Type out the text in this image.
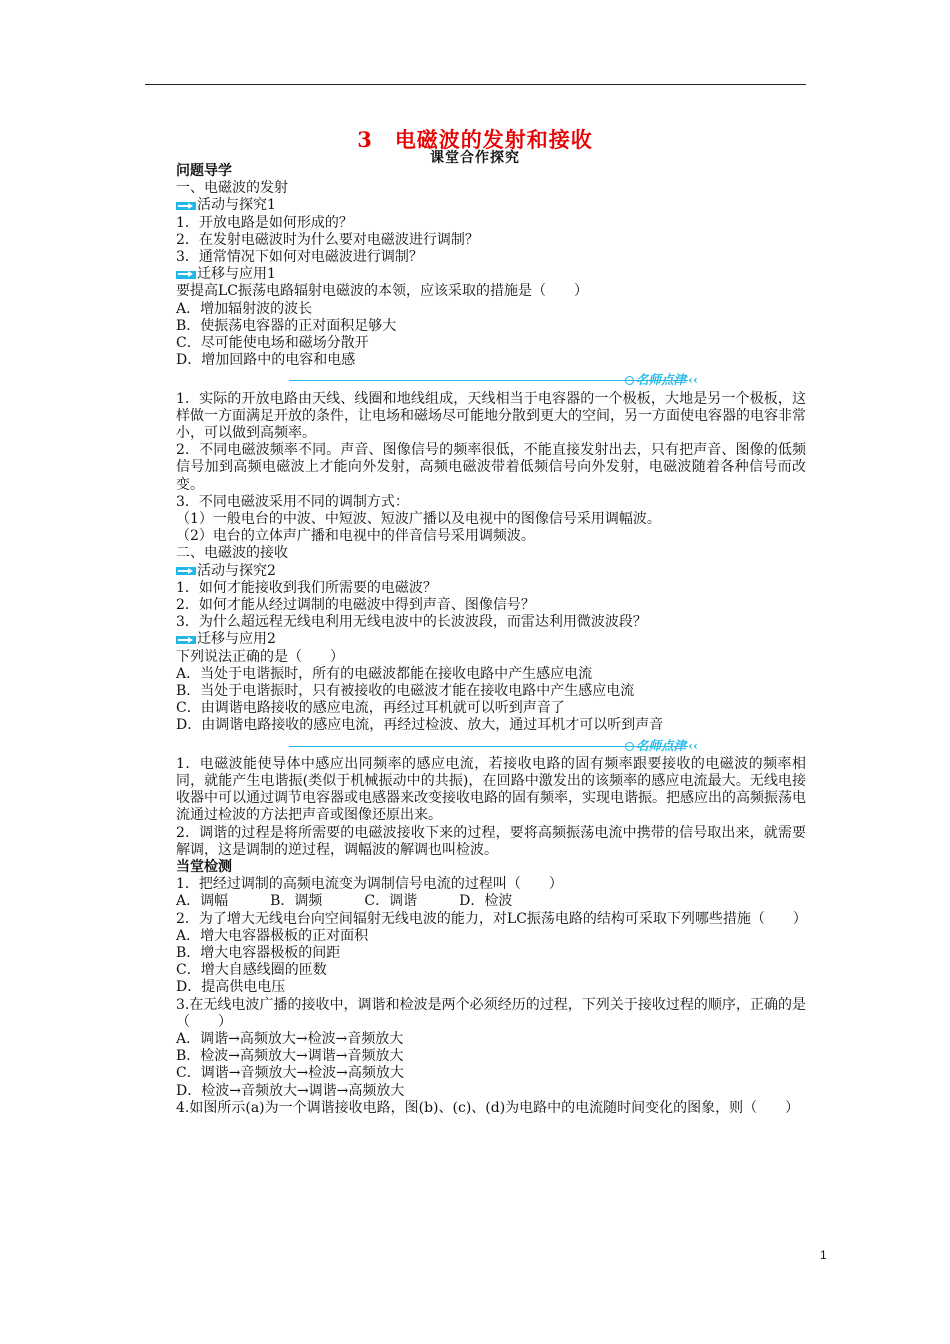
3 电磁波的发射和接收
课堂合作探究
问题导学
一、电磁波的发射
活动与探究1
1．开放电路是如何形成的？
2．在发射电磁波时为什么要对电磁波进行调制？
3．通常情况下如何对电磁波进行调制？
迁移与应用1
要提高LC振荡电路辐射电磁波的本领，应该采取的措施是（　　）
A．增加辐射波的波长
B．使振荡电容器的正对面积足够大
C．尽可能使电场和磁场分散开
D．增加回路中的电容和电感
名师点津 ‹‹
1．实际的开放电路由天线、线圈和地线组成，天线相当于电容器的一个极板，大地是另一个极板，这样做一方面满足开放的条件，让电场和磁场尽可能地分散到更大的空间，另一方面使电容器的电容非常小，可以做到高频率。
2．不同电磁波频率不同。声音、图像信号的频率很低，不能直接发射出去，只有把声音、图像的低频信号加到高频电磁波上才能向外发射，高频电磁波带着低频信号向外发射，电磁波随着各种信号而改变。
3．不同电磁波采用不同的调制方式：
（1）一般电台的中波、中短波、短波广播以及电视中的图像信号采用调幅波。
（2）电台的立体声广播和电视中的伴音信号采用调频波。
二、电磁波的接收
活动与探究2
1．如何才能接收到我们所需要的电磁波？
2．如何才能从经过调制的电磁波中得到声音、图像信号？
3．为什么超远程无线电利用无线电波中的长波波段，而雷达利用微波波段？
迁移与应用2
下列说法正确的是（　　）
A．当处于电谐振时，所有的电磁波都能在接收电路中产生感应电流
B．当处于电谐振时，只有被接收的电磁波才能在接收电路中产生感应电流
C．由调谐电路接收的感应电流，再经过耳机就可以听到声音了
D．由调谐电路接收的感应电流，再经过检波、放大，通过耳机才可以听到声音
名师点津 ‹‹
1．电磁波能使导体中感应出同频率的感应电流，若接收电路的固有频率跟要接收的电磁波的频率相同，就能产生电谐振(类似于机械振动中的共振)，在回路中激发出的该频率的感应电流最大。无线电接收器中可以通过调节电容器或电感器来改变接收电路的固有频率，实现电谐振。把感应出的高频振荡电流通过检波的方法把声音或图像还原出来。
2．调谐的过程是将所需要的电磁波接收下来的过程，要将高频振荡电流中携带的信号取出来，就需要解调，这是调制的逆过程，调幅波的解调也叫检波。
当堂检测
1．把经过调制的高频电流变为调制信号电流的过程叫（　　）
A．调幅　　　B．调频　　　C．调谐　　　D．检波
2．为了增大无线电台向空间辐射无线电波的能力，对LC振荡电路的结构可采取下列哪些措施（　　）
A．增大电容器极板的正对面积
B．增大电容器极板的间距
C．增大自感线圈的匝数
D．提高供电电压
3.在无线电波广播的接收中，调谐和检波是两个必须经历的过程，下列关于接收过程的顺序，正确的是（　　）
A．调谐→高频放大→检波→音频放大
B．检波→高频放大→调谐→音频放大
C．调谐→音频放大→检波→高频放大
D．检波→音频放大→调谐→高频放大
4.如图所示(a)为一个调谐接收电路，图(b)、(c)、(d)为电路中的电流随时间变化的图象，则（　　）
1
